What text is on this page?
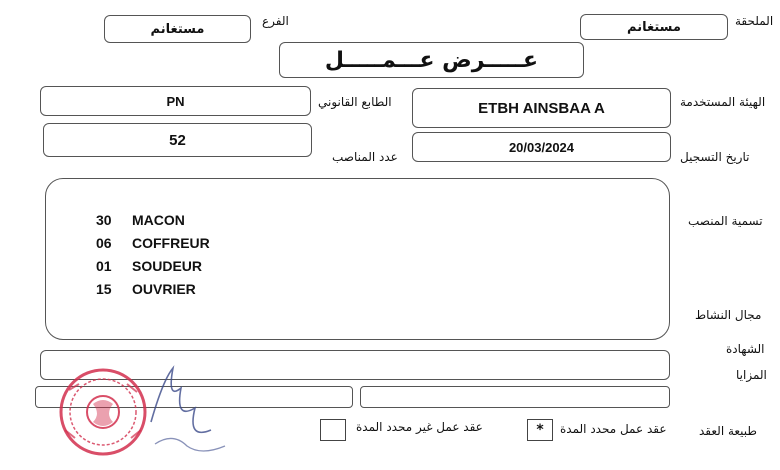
الملحقة
مستغانم
الفرع
مستغانم
عـــــرض عـــمـــــل
الهيئة المستخدمة
ETBH AINSBAA A
الطابع القانوني
PN
20/03/2024
تاريخ التسجيل
52
عدد المناصب
تسمية المنصب
30	MACON
06	COFFREUR
01	SOUDEUR
15	OUVRIER
مجال النشاط
الشهادة
المزايا
طبيعة العقد
عقد عمل محدد المدة
*
عقد عمل غير محدد المدة
